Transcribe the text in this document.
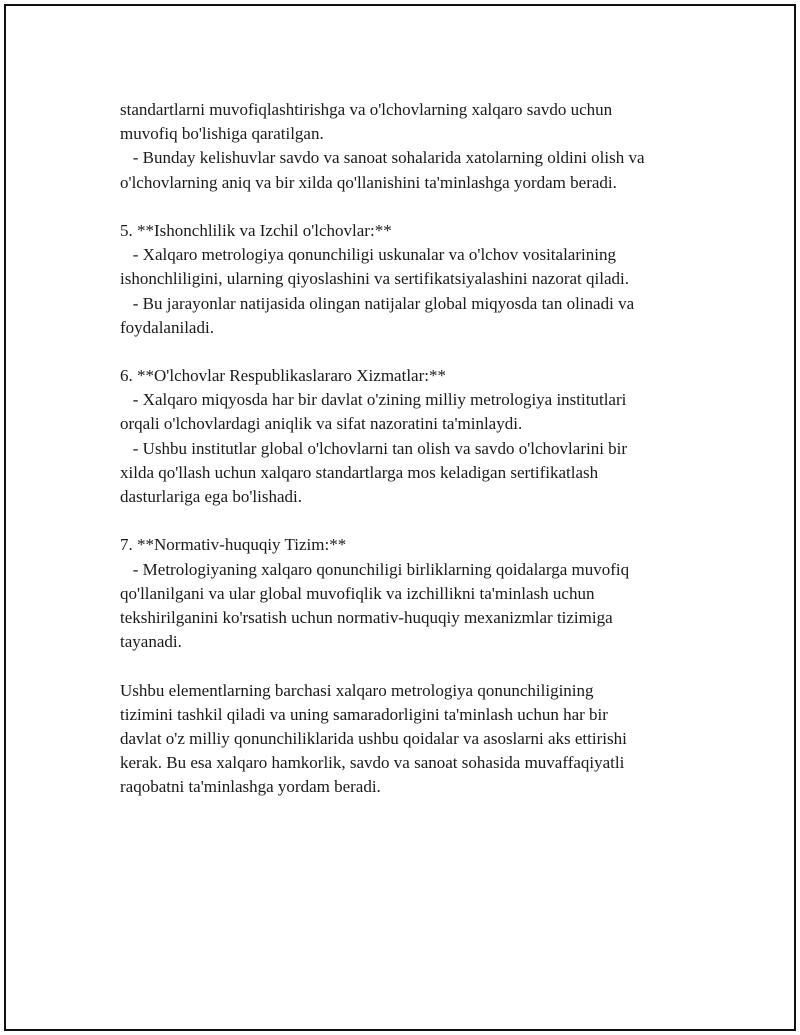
standartlarni muvofiqlashtirishga va o'lchovlarning xalqaro savdo uchun
muvofiq bo'lishiga qaratilgan.
- Bunday kelishuvlar savdo va sanoat sohalarida xatolarning oldini olish va
o'lchovlarning aniq va bir xilda qo'llanishini ta'minlashga yordam beradi.
5. **Ishonchlilik va Izchil o'lchovlar:**
- Xalqaro metrologiya qonunchiligi uskunalar va o'lchov vositalarining
ishonchliligini, ularning qiyoslashini va sertifikatsiyalashini nazorat qiladi.
- Bu jarayonlar natijasida olingan natijalar global miqyosda tan olinadi va
foydalaniladi.
6. **O'lchovlar Respublikaslararo Xizmatlar:**
- Xalqaro miqyosda har bir davlat o'zining milliy metrologiya institutlari
orqali o'lchovlardagi aniqlik va sifat nazoratini ta'minlaydi.
- Ushbu institutlar global o'lchovlarni tan olish va savdo o'lchovlarini bir
xilda qo'llash uchun xalqaro standartlarga mos keladigan sertifikatlash
dasturlariga ega bo'lishadi.
7. **Normativ-huquqiy Tizim:**
- Metrologiyaning xalqaro qonunchiligi birliklarning qoidalarga muvofiq
qo'llanilgani va ular global muvofiqlik va izchillikni ta'minlash uchun
tekshirilganini ko'rsatish uchun normativ-huquqiy mexanizmlar tizimiga
tayanadi.
Ushbu elementlarning barchasi xalqaro metrologiya qonunchiligining
tizimini tashkil qiladi va uning samaradorligini ta'minlash uchun har bir
davlat o'z milliy qonunchiliklarida ushbu qoidalar va asoslarni aks ettirishi
kerak. Bu esa xalqaro hamkorlik, savdo va sanoat sohasida muvaffaqiyatli
raqobatni ta'minlashga yordam beradi.
